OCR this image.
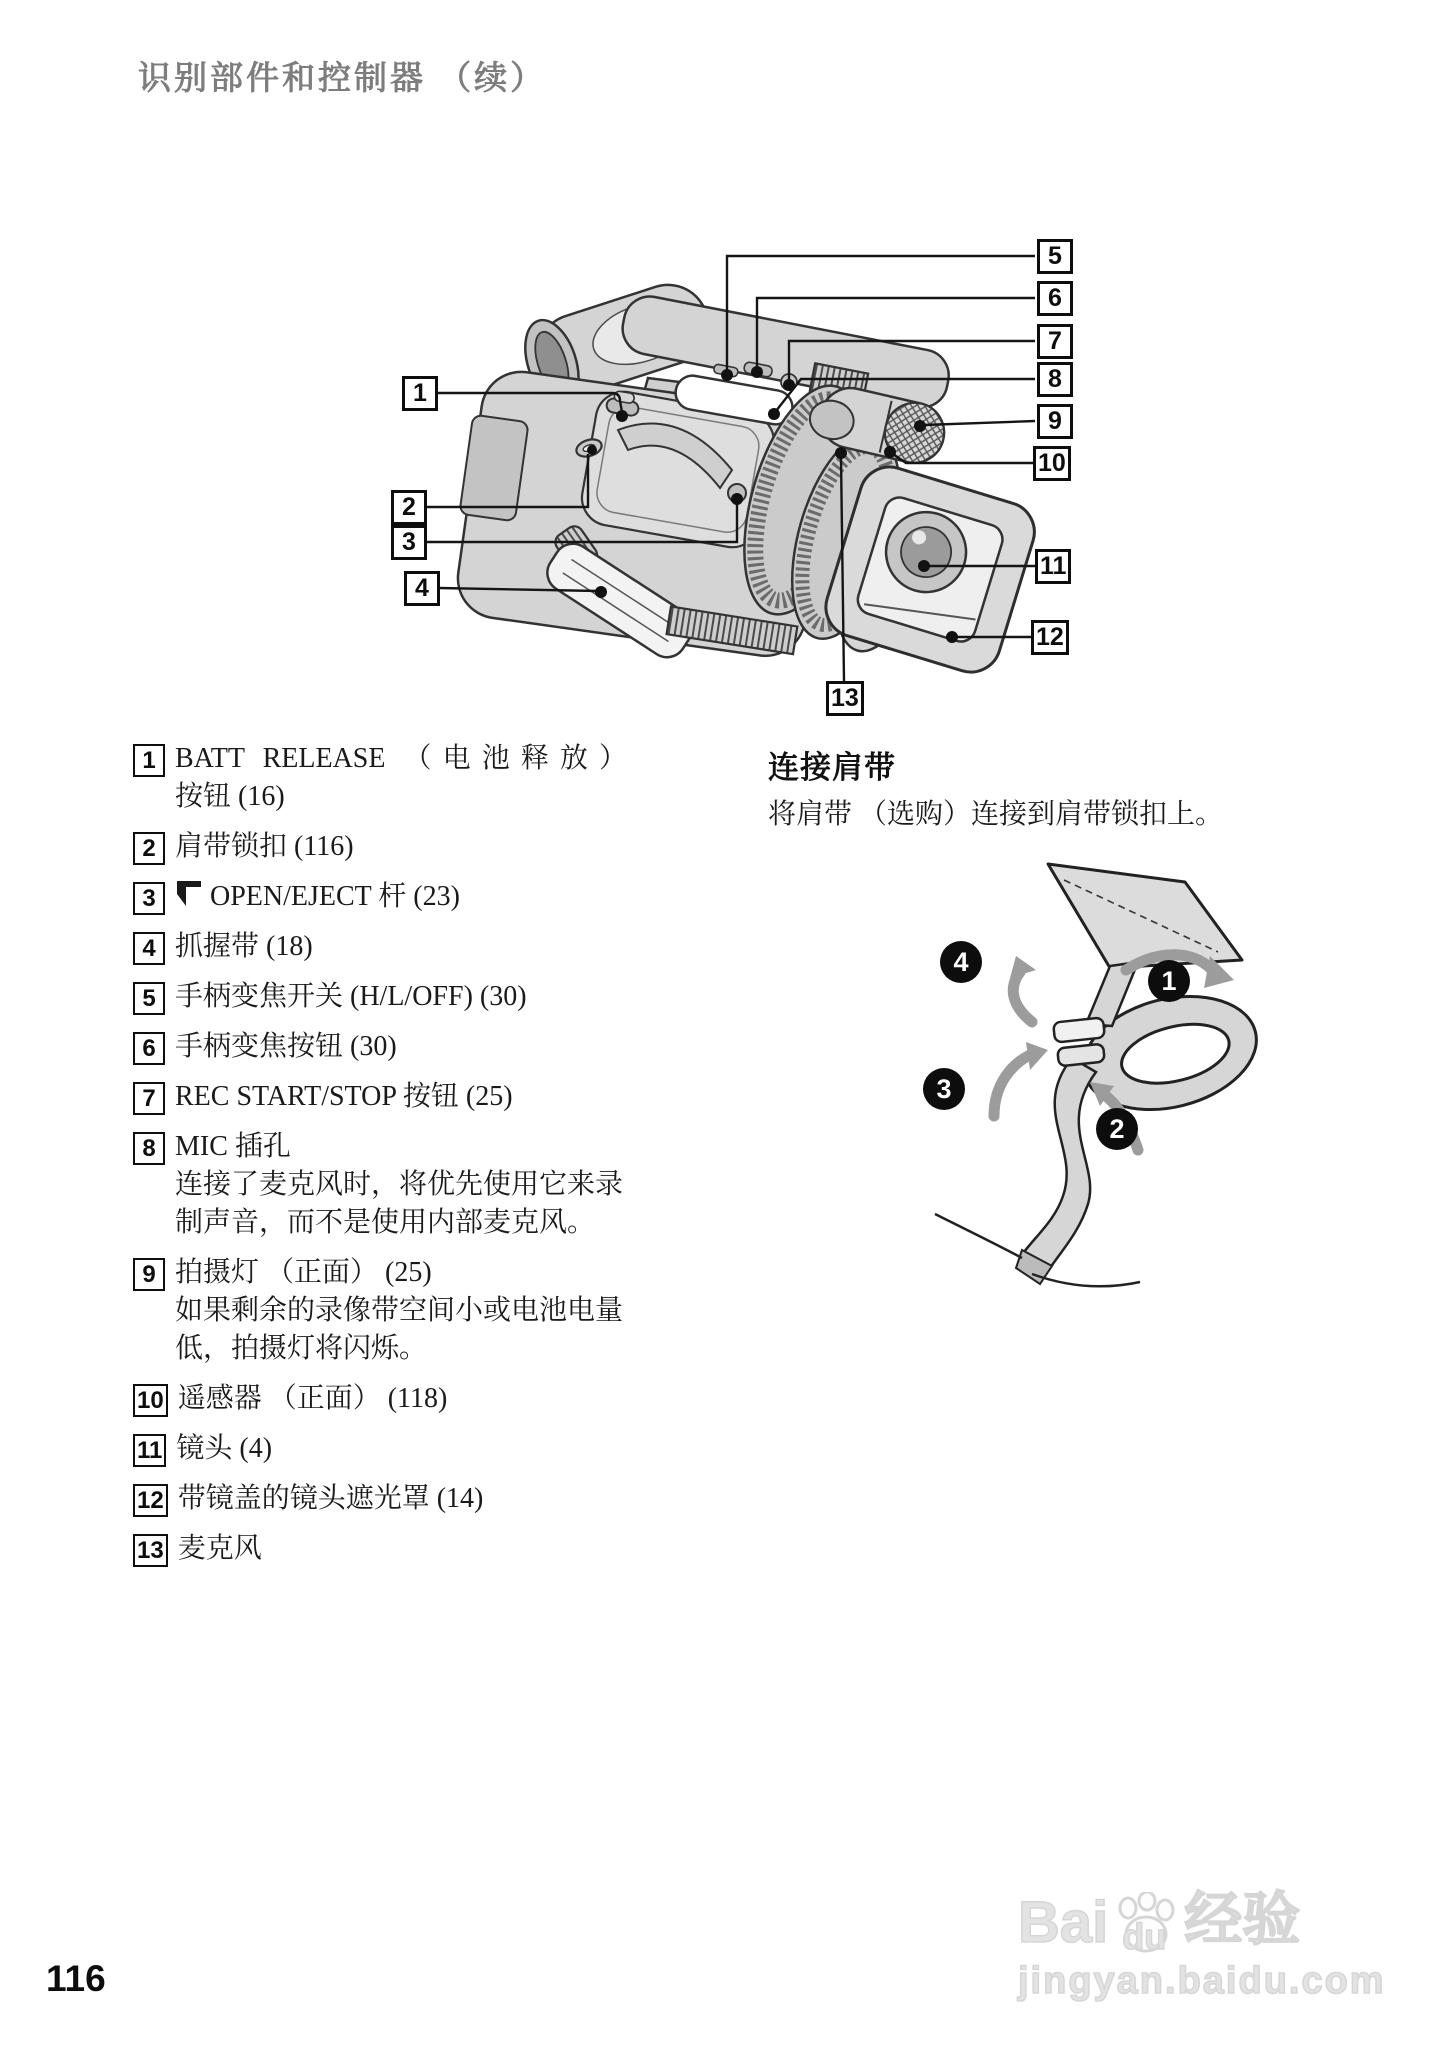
识别部件和控制器 （续）
1
2
3
4
5
6
7
8
9
10
11
12
13
1 BATT RELEASE （电池释放）
按钮 (16)
2 肩带锁扣 (116)
3	OPEN/EJECT 杆 (23)
4 抓握带 (18)
5 手柄变焦开关 (H/L/OFF) (30)
6 手柄变焦按钮 (30)
7 REC START/STOP 按钮 (25)
8 MIC 插孔
连接了麦克风时，将优先使用它来录
制声音，而不是使用内部麦克风。
9 拍摄灯 （正面） (25)
如果剩余的录像带空间小或电池电量
低，拍摄灯将闪烁。
10 遥感器 （正面） (118)
11 镜头 (4)
12 带镜盖的镜头遮光罩 (14)
13 麦克风
连接肩带
将肩带 （选购）连接到肩带锁扣上。
1
2
3
4
116
Bai du 经验
jingyan.baidu.com
